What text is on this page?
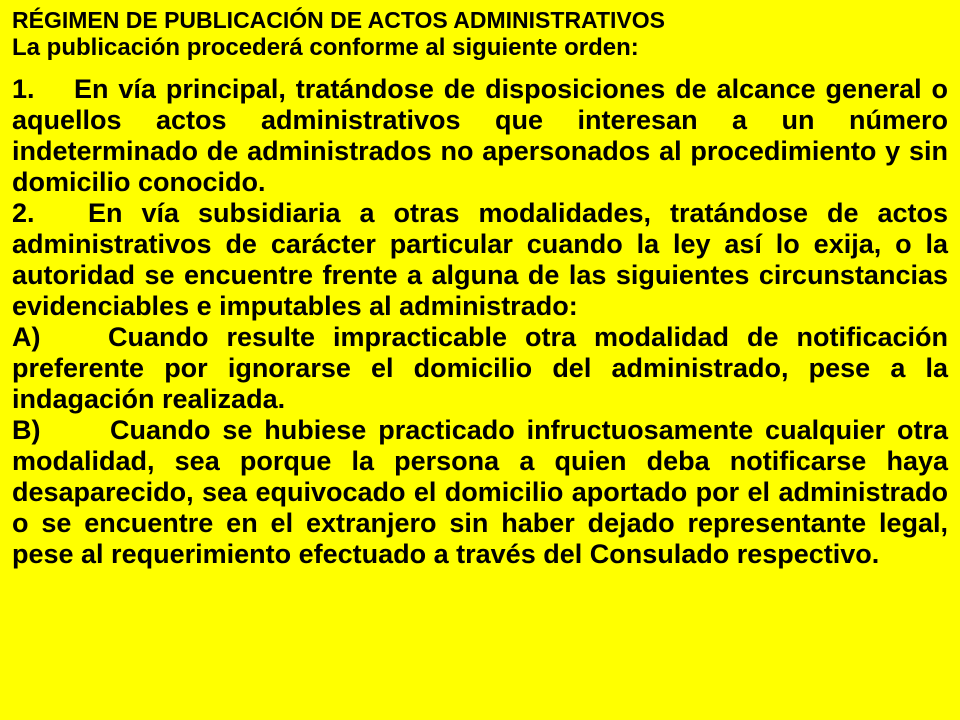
RÉGIMEN DE PUBLICACIÓN DE ACTOS ADMINISTRATIVOS

La publicación procederá conforme al siguiente orden:

1. En vía principal, tratándose de disposiciones de alcance general o aquellos actos administrativos que interesan a un número indeterminado de administrados no apersonados al procedimiento y sin domicilio conocido.

2. En vía subsidiaria a otras modalidades, tratándose de actos administrativos de carácter particular cuando la ley así lo exija, o la autoridad se encuentre frente a alguna de las siguientes circunstancias evidenciables e imputables al administrado:

A)	Cuando resulte impracticable otra modalidad de notificación preferente por ignorarse el domicilio del administrado, pese a la indagación realizada.

B)	Cuando se hubiese practicado infructuosamente cualquier otra modalidad, sea porque la persona a quien deba notificarse haya desaparecido, sea equivocado el domicilio aportado por el administrado o se encuentre en el extranjero sin haber dejado representante legal, pese al requerimiento efectuado a través del Consulado respectivo.
